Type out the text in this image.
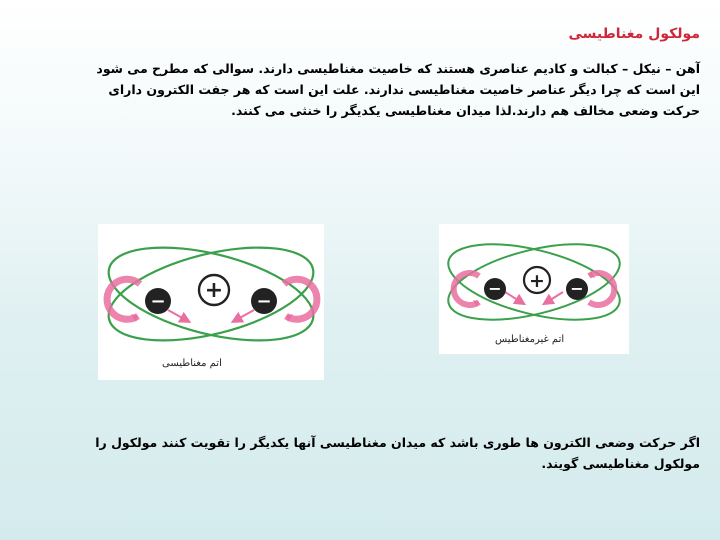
مولکول مغناطیسی
آهن – نیکل – کبالت و کادیم عناصری هستند که خاصیت مغناطیسی دارند. سوالی که مطرح می شود
این است که چرا دیگر عناصر خاصیت مغناطیسی ندارند. علت این است که هر جفت الکترون دارای
حرکت وضعی مخالف هم دارند.لذا میدان مغناطیسی یکدیگر را خنثی می کنند.
+
−	−
اتم مغناطیسی
+
−	−
اتم غیرمغناطیس
اگر حرکت وضعی الکترون ها طوری باشد که میدان مغناطیسی آنها یکدیگر را تقویت کنند مولکول را
مولکول مغناطیسی گویند.
